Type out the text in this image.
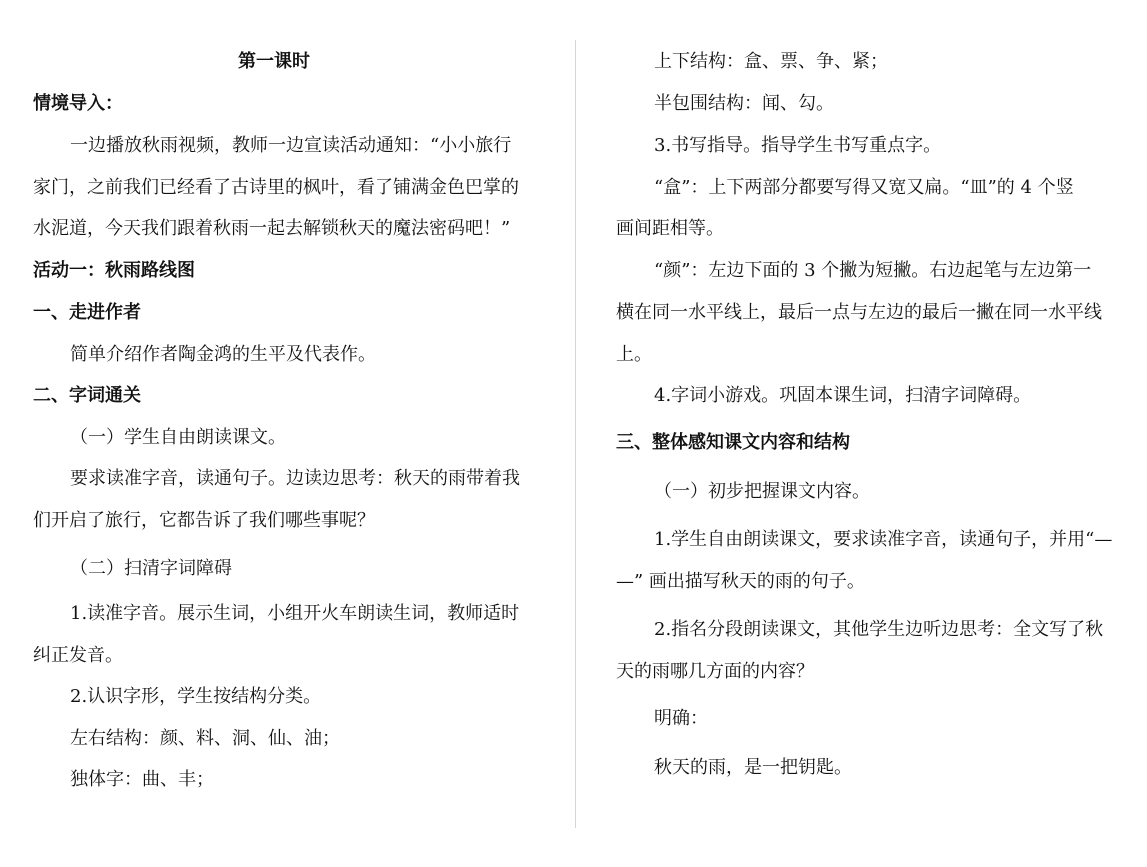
第一课时
情境导入：
一边播放秋雨视频，教师一边宣读活动通知：“小小旅行
家门，之前我们已经看了古诗里的枫叶，看了铺满金色巴掌的
水泥道，今天我们跟着秋雨一起去解锁秋天的魔法密码吧！”
活动一：秋雨路线图
一、走进作者
简单介绍作者陶金鸿的生平及代表作。
二、字词通关
（一）学生自由朗读课文。
要求读准字音，读通句子。边读边思考：秋天的雨带着我
们开启了旅行，它都告诉了我们哪些事呢？
（二）扫清字词障碍
1.读准字音。展示生词，小组开火车朗读生词，教师适时
纠正发音。
2.认识字形，学生按结构分类。
左右结构：颜、料、洞、仙、油；
独体字：曲、丰；
上下结构：盒、票、争、紧；
半包围结构：闻、勾。
3.书写指导。指导学生书写重点字。
“盒”：上下两部分都要写得又宽又扁。“皿”的 4 个竖
画间距相等。
“颜”：左边下面的 3 个撇为短撇。右边起笔与左边第一
横在同一水平线上，最后一点与左边的最后一撇在同一水平线
上。
4.字词小游戏。巩固本课生词，扫清字词障碍。
三、整体感知课文内容和结构
（一）初步把握课文内容。
1.学生自由朗读课文，要求读准字音，读通句子，并用“—
—” 画出描写秋天的雨的句子。
2.指名分段朗读课文，其他学生边听边思考：全文写了秋
天的雨哪几方面的内容？
明确：
秋天的雨，是一把钥匙。
